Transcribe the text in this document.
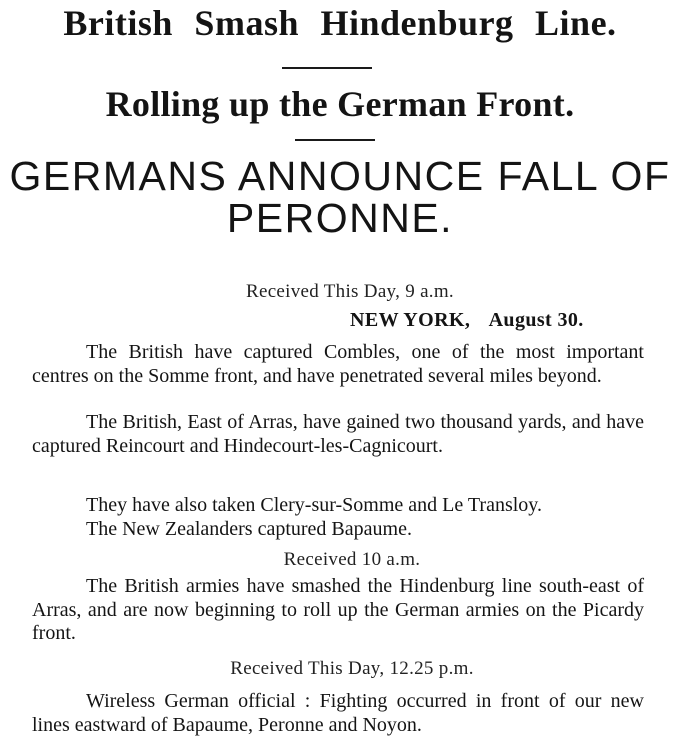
British Smash Hindenburg Line.
Rolling up the German Front.
GERMANS ANNOUNCE FALL OF PERONNE.
Received This Day, 9 a.m.
NEW YORK, August 30.

The British have captured Combles, one of the most important centres on the Somme front, and have penetrated several miles beyond.

The British, East of Arras, have gained two thousand yards, and have captured Reincourt and Hindecourt-les-Cagnicourt.

They have also taken Clery-sur-Somme and Le Transloy.

The New Zealanders captured Bapaume.

Received 10 a.m.

The British armies have smashed the Hindenburg line south-east of Arras, and are now beginning to roll up the German armies on the Picardy front.

Received This Day, 12.25 p.m.

Wireless German official : Fighting occurred in front of our new lines eastward of Bapaume, Peronne and Noyon.
